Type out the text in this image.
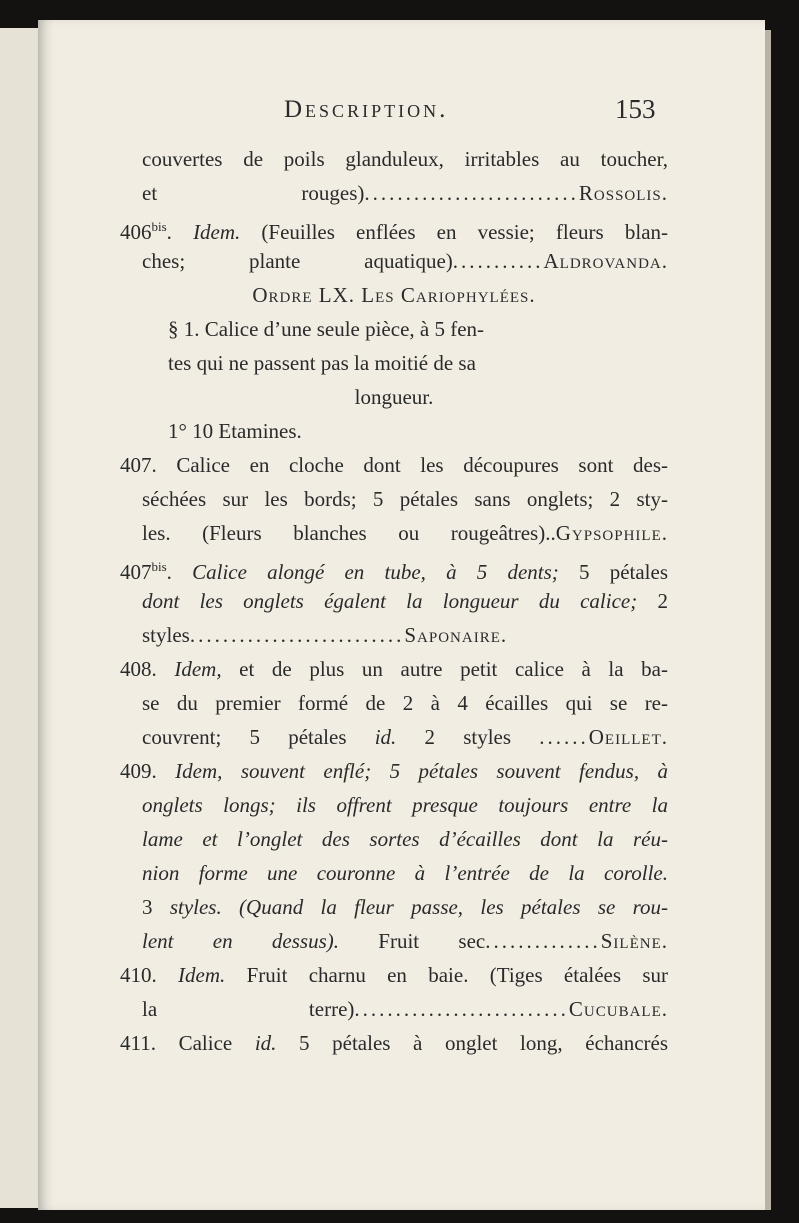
Description.	153
couvertes de poils glanduleux, irritables au toucher,
et rouges)..........................Rossolis.
$406^{bis}$. Idem. (Feuilles enflées en vessie; fleurs blan-
ches; plante aquatique)...........Aldrovanda.
Ordre LX. Les Cariophylées.
§ 1. Calice d’une seule pièce, à 5 fen-
tes qui ne passent pas la moitié de sa
longueur.
1° 10 Etamines.
407. Calice en cloche dont les découpures sont des-
séchées sur les bords; 5 pétales sans onglets; 2 sty-
les. (Fleurs blanches ou rougeâtres)..Gypsophile.
$407^{bis}$. Calice alongé en tube, à 5 dents; 5 pétales
dont les onglets égalent la longueur du calice; 2
styles..........................Saponaire.
408. Idem, et de plus un autre petit calice à la ba-
se du premier formé de 2 à 4 écailles qui se re-
couvrent; 5 pétales id. 2 styles ......Oeillet.
409. Idem, souvent enflé; 5 pétales souvent fendus, à
onglets longs; ils offrent presque toujours entre la
lame et l’onglet des sortes d’écailles dont la réu-
nion forme une couronne à l’entrée de la corolle.
3 styles. (Quand la fleur passe, les pétales se rou-
lent en dessus). Fruit sec..............Silène.
410. Idem. Fruit charnu en baie. (Tiges étalées sur
la terre)..........................Cucubale.
411. Calice id. 5 pétales à onglet long, échancrés
